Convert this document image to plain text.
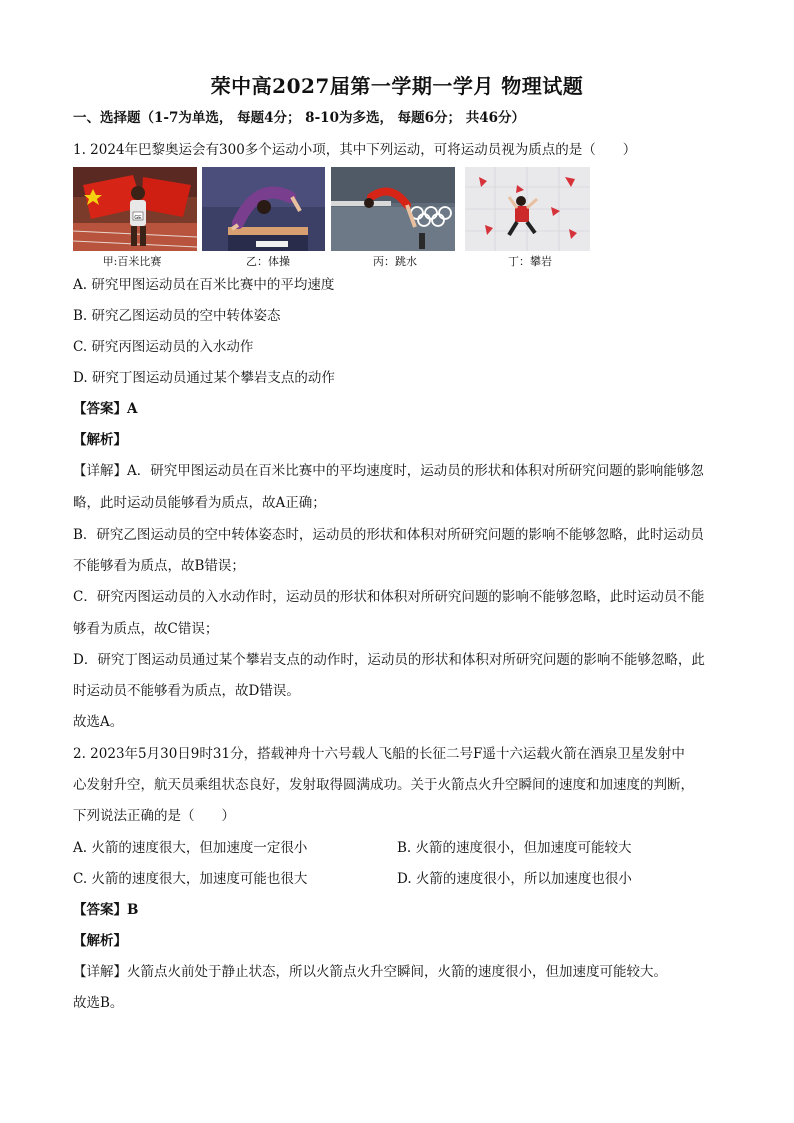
荣中高2027届第一学期一学月 物理试题
一、选择题（1-7为单选， 每题4分； 8-10为多选， 每题6分； 共46分）
1. 2024年巴黎奥运会有300多个运动小项，其中下列运动，可将运动员视为质点的是（　　）
GE
甲:百米比赛	乙：体操	丙：跳水	丁：攀岩
A. 研究甲图运动员在百米比赛中的平均速度
B. 研究乙图运动员的空中转体姿态
C. 研究丙图运动员的入水动作
D. 研究丁图运动员通过某个攀岩支点的动作
【答案】A
【解析】
【详解】A．研究甲图运动员在百米比赛中的平均速度时，运动员的形状和体积对所研究问题的影响能够忽
略，此时运动员能够看为质点，故A正确；
B．研究乙图运动员的空中转体姿态时，运动员的形状和体积对所研究问题的影响不能够忽略，此时运动员
不能够看为质点，故B错误；
C．研究丙图运动员的入水动作时，运动员的形状和体积对所研究问题的影响不能够忽略，此时运动员不能
够看为质点，故C错误；
D．研究丁图运动员通过某个攀岩支点的动作时，运动员的形状和体积对所研究问题的影响不能够忽略，此
时运动员不能够看为质点，故D错误。
故选A。
2. 2023年5月30日9时31分，搭载神舟十六号载人飞船的长征二号F遥十六运载火箭在酒泉卫星发射中
心发射升空，航天员乘组状态良好，发射取得圆满成功。关于火箭点火升空瞬间的速度和加速度的判断，
下列说法正确的是（　　）
A. 火箭的速度很大，但加速度一定很小	B. 火箭的速度很小，但加速度可能较大
C. 火箭的速度很大，加速度可能也很大	D. 火箭的速度很小，所以加速度也很小
【答案】B
【解析】
【详解】火箭点火前处于静止状态，所以火箭点火升空瞬间，火箭的速度很小，但加速度可能较大。
故选B。
